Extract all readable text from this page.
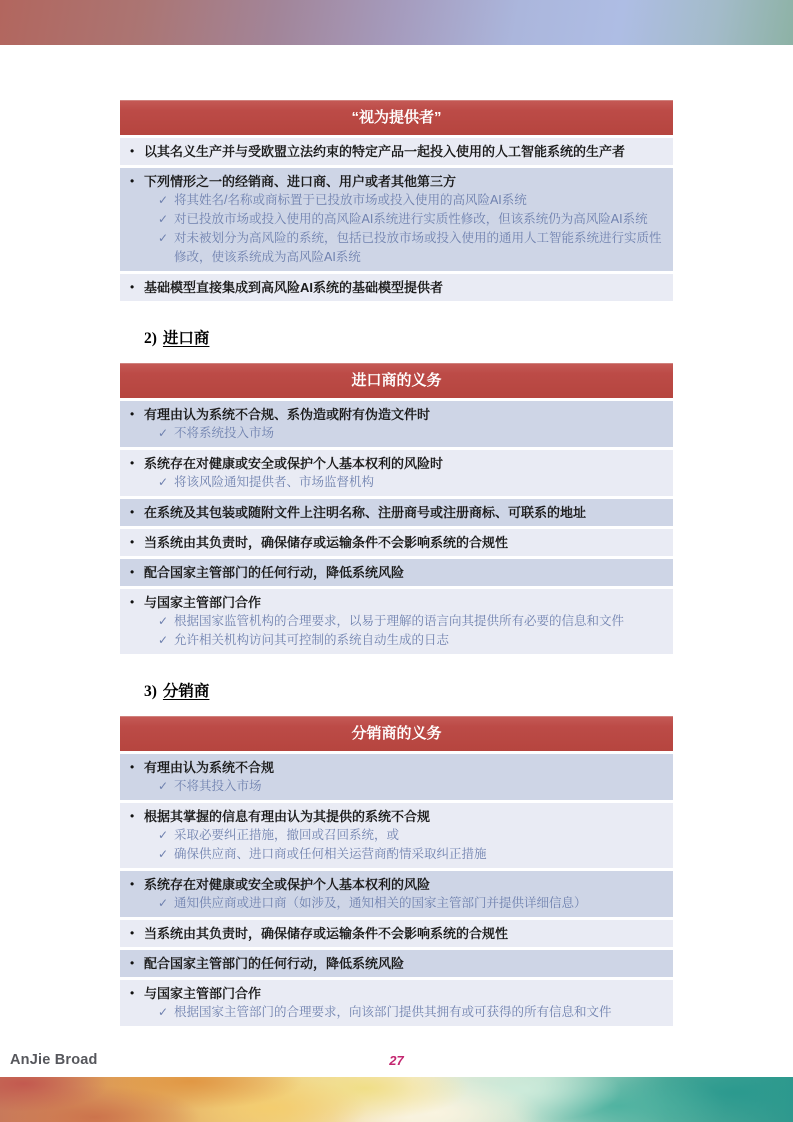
“视为提供者”
• 以其名义生产并与受欧盟立法约束的特定产品一起投入使用的人工智能系统的生产者
• 下列情形之一的经销商、进口商、用户或者其他第三方
✓ 将其姓名/名称或商标置于已投放市场或投入使用的高风险AI系统
✓ 对已投放市场或投入使用的高风险AI系统进行实质性修改，但该系统仍为高风险AI系统
✓ 对未被划分为高风险的系统，包括已投放市场或投入使用的通用人工智能系统进行实质性修改，使该系统成为高风险AI系统
• 基础模型直接集成到高风险AI系统的基础模型提供者
2) 进口商
进口商的义务
• 有理由认为系统不合规、系伪造或附有伪造文件时
✓ 不将系统投入市场
• 系统存在对健康或安全或保护个人基本权利的风险时
✓ 将该风险通知提供者、市场监督机构
• 在系统及其包装或随附文件上注明名称、注册商号或注册商标、可联系的地址
• 当系统由其负责时，确保储存或运输条件不会影响系统的合规性
• 配合国家主管部门的任何行动，降低系统风险
• 与国家主管部门合作
✓ 根据国家监管机构的合理要求，以易于理解的语言向其提供所有必要的信息和文件
✓ 允许相关机构访问其可控制的系统自动生成的日志
3) 分销商
分销商的义务
• 有理由认为系统不合规
✓ 不将其投入市场
• 根据其掌握的信息有理由认为其提供的系统不合规
✓ 采取必要纠正措施，撤回或召回系统，或
✓ 确保供应商、进口商或任何相关运营商酌情采取纠正措施
• 系统存在对健康或安全或保护个人基本权利的风险
✓ 通知供应商或进口商（如涉及，通知相关的国家主管部门并提供详细信息）
• 当系统由其负责时，确保储存或运输条件不会影响系统的合规性
• 配合国家主管部门的任何行动，降低系统风险
• 与国家主管部门合作
✓ 根据国家主管部门的合理要求，向该部门提供其拥有或可获得的所有信息和文件
AnJie Broad	27
